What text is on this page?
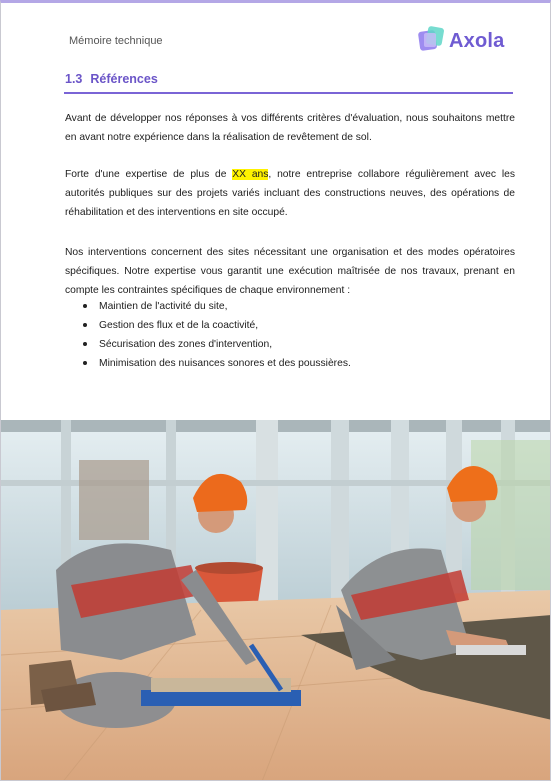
Mémoire technique	Axola
1.3 Références
Avant de développer nos réponses à vos différents critères d'évaluation, nous souhaitons mettre en avant notre expérience dans la réalisation de revêtement de sol.
Forte d'une expertise de plus de XX ans, notre entreprise collabore régulièrement avec les autorités publiques sur des projets variés incluant des constructions neuves, des opérations de réhabilitation et des interventions en site occupé.
Nos interventions concernent des sites nécessitant une organisation et des modes opératoires spécifiques. Notre expertise vous garantit une exécution maîtrisée de nos travaux, prenant en compte les contraintes spécifiques de chaque environnement :
Maintien de l'activité du site,
Gestion des flux et de la coactivité,
Sécurisation des zones d'intervention,
Minimisation des nuisances sonores et des poussières.
